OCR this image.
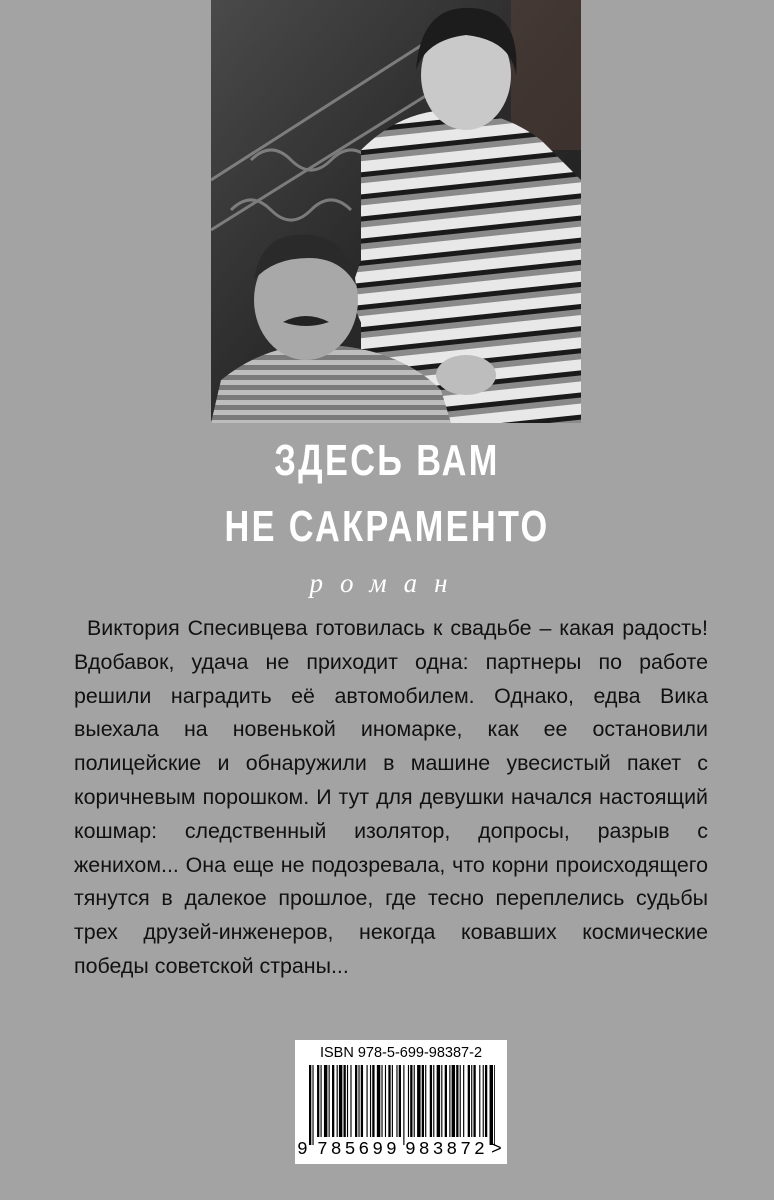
ЗДЕСЬ ВАМ
НЕ САКРАМЕНТО
роман

Виктория Спесивцева готовилась к свадьбе – какая радость! Вдобавок, удача не приходит одна: партнеры по работе решили наградить её автомобилем. Однако, едва Вика выехала на новенькой иномарке, как ее остановили полицейские и обнаружили в машине увесистый пакет с коричневым порошком. И тут для девушки начался настоящий кошмар: следственный изолятор, допросы, разрыв с женихом... Она еще не подозревала, что корни происходящего тянутся в далекое прошлое, где тесно переплелись судьбы трех друзей-инженеров, некогда ковавших космические победы советской страны...

ISBN 978-5-699-98387-2
9 785699 983872 >
